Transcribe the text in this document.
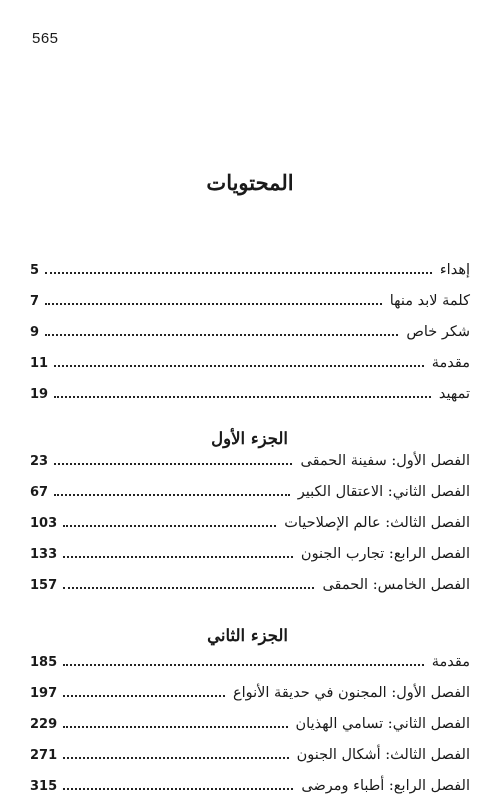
565
المحتويات
إهداء
5
كلمة لابد منها
7
شكر خاص
9
مقدمة
11
تمهيد
19
الجزء الأول
الفصل الأول: سفينة الحمقى
23
الفصل الثاني: الاعتقال الكبير
67
الفصل الثالث: عالم الإصلاحيات
103
الفصل الرابع: تجارب الجنون
133
الفصل الخامس: الحمقى
157
الجزء الثاني
مقدمة
185
الفصل الأول: المجنون في حديقة الأنواع
197
الفصل الثاني: تسامي الهذيان
229
الفصل الثالث: أشكال الجنون
271
الفصل الرابع: أطباء ومرضى
315
